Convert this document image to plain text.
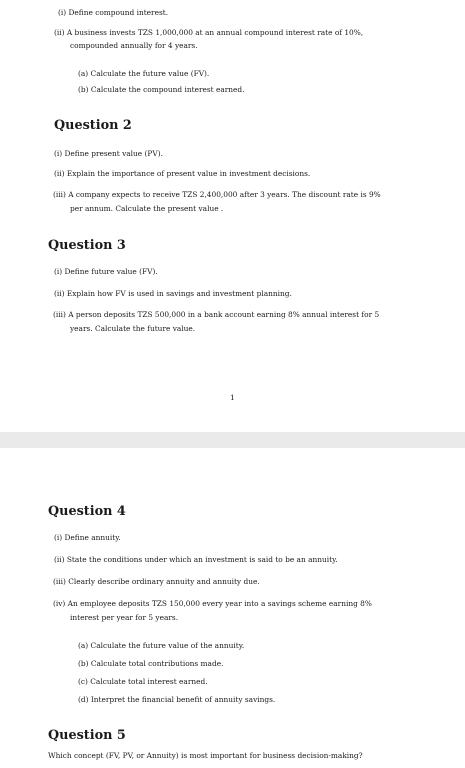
(i) Define compound interest.
(ii) A business invests TZS 1,000,000 at an annual compound interest rate of 10%,
compounded annually for 4 years.
(a) Calculate the future value (FV).
(b) Calculate the compound interest earned.
Question 2
(i) Define present value (PV).
(ii) Explain the importance of present value in investment decisions.
(iii) A company expects to receive TZS 2,400,000 after 3 years. The discount rate is 9%
per annum. Calculate the present value .
Question 3
(i) Define future value (FV).
(ii) Explain how FV is used in savings and investment planning.
(iii) A person deposits TZS 500,000 in a bank account earning 8% annual interest for 5
years. Calculate the future value.
1
Question 4
(i) Define annuity.
(ii) State the conditions under which an investment is said to be an annuity.
(iii) Clearly describe ordinary annuity and annuity due.
(iv) An employee deposits TZS 150,000 every year into a savings scheme earning 8%
interest per year for 5 years.
(a) Calculate the future value of the annuity.
(b) Calculate total contributions made.
(c) Calculate total interest earned.
(d) Interpret the financial benefit of annuity savings.
Question 5
Which concept (FV, PV, or Annuity) is most important for business decision-making?
